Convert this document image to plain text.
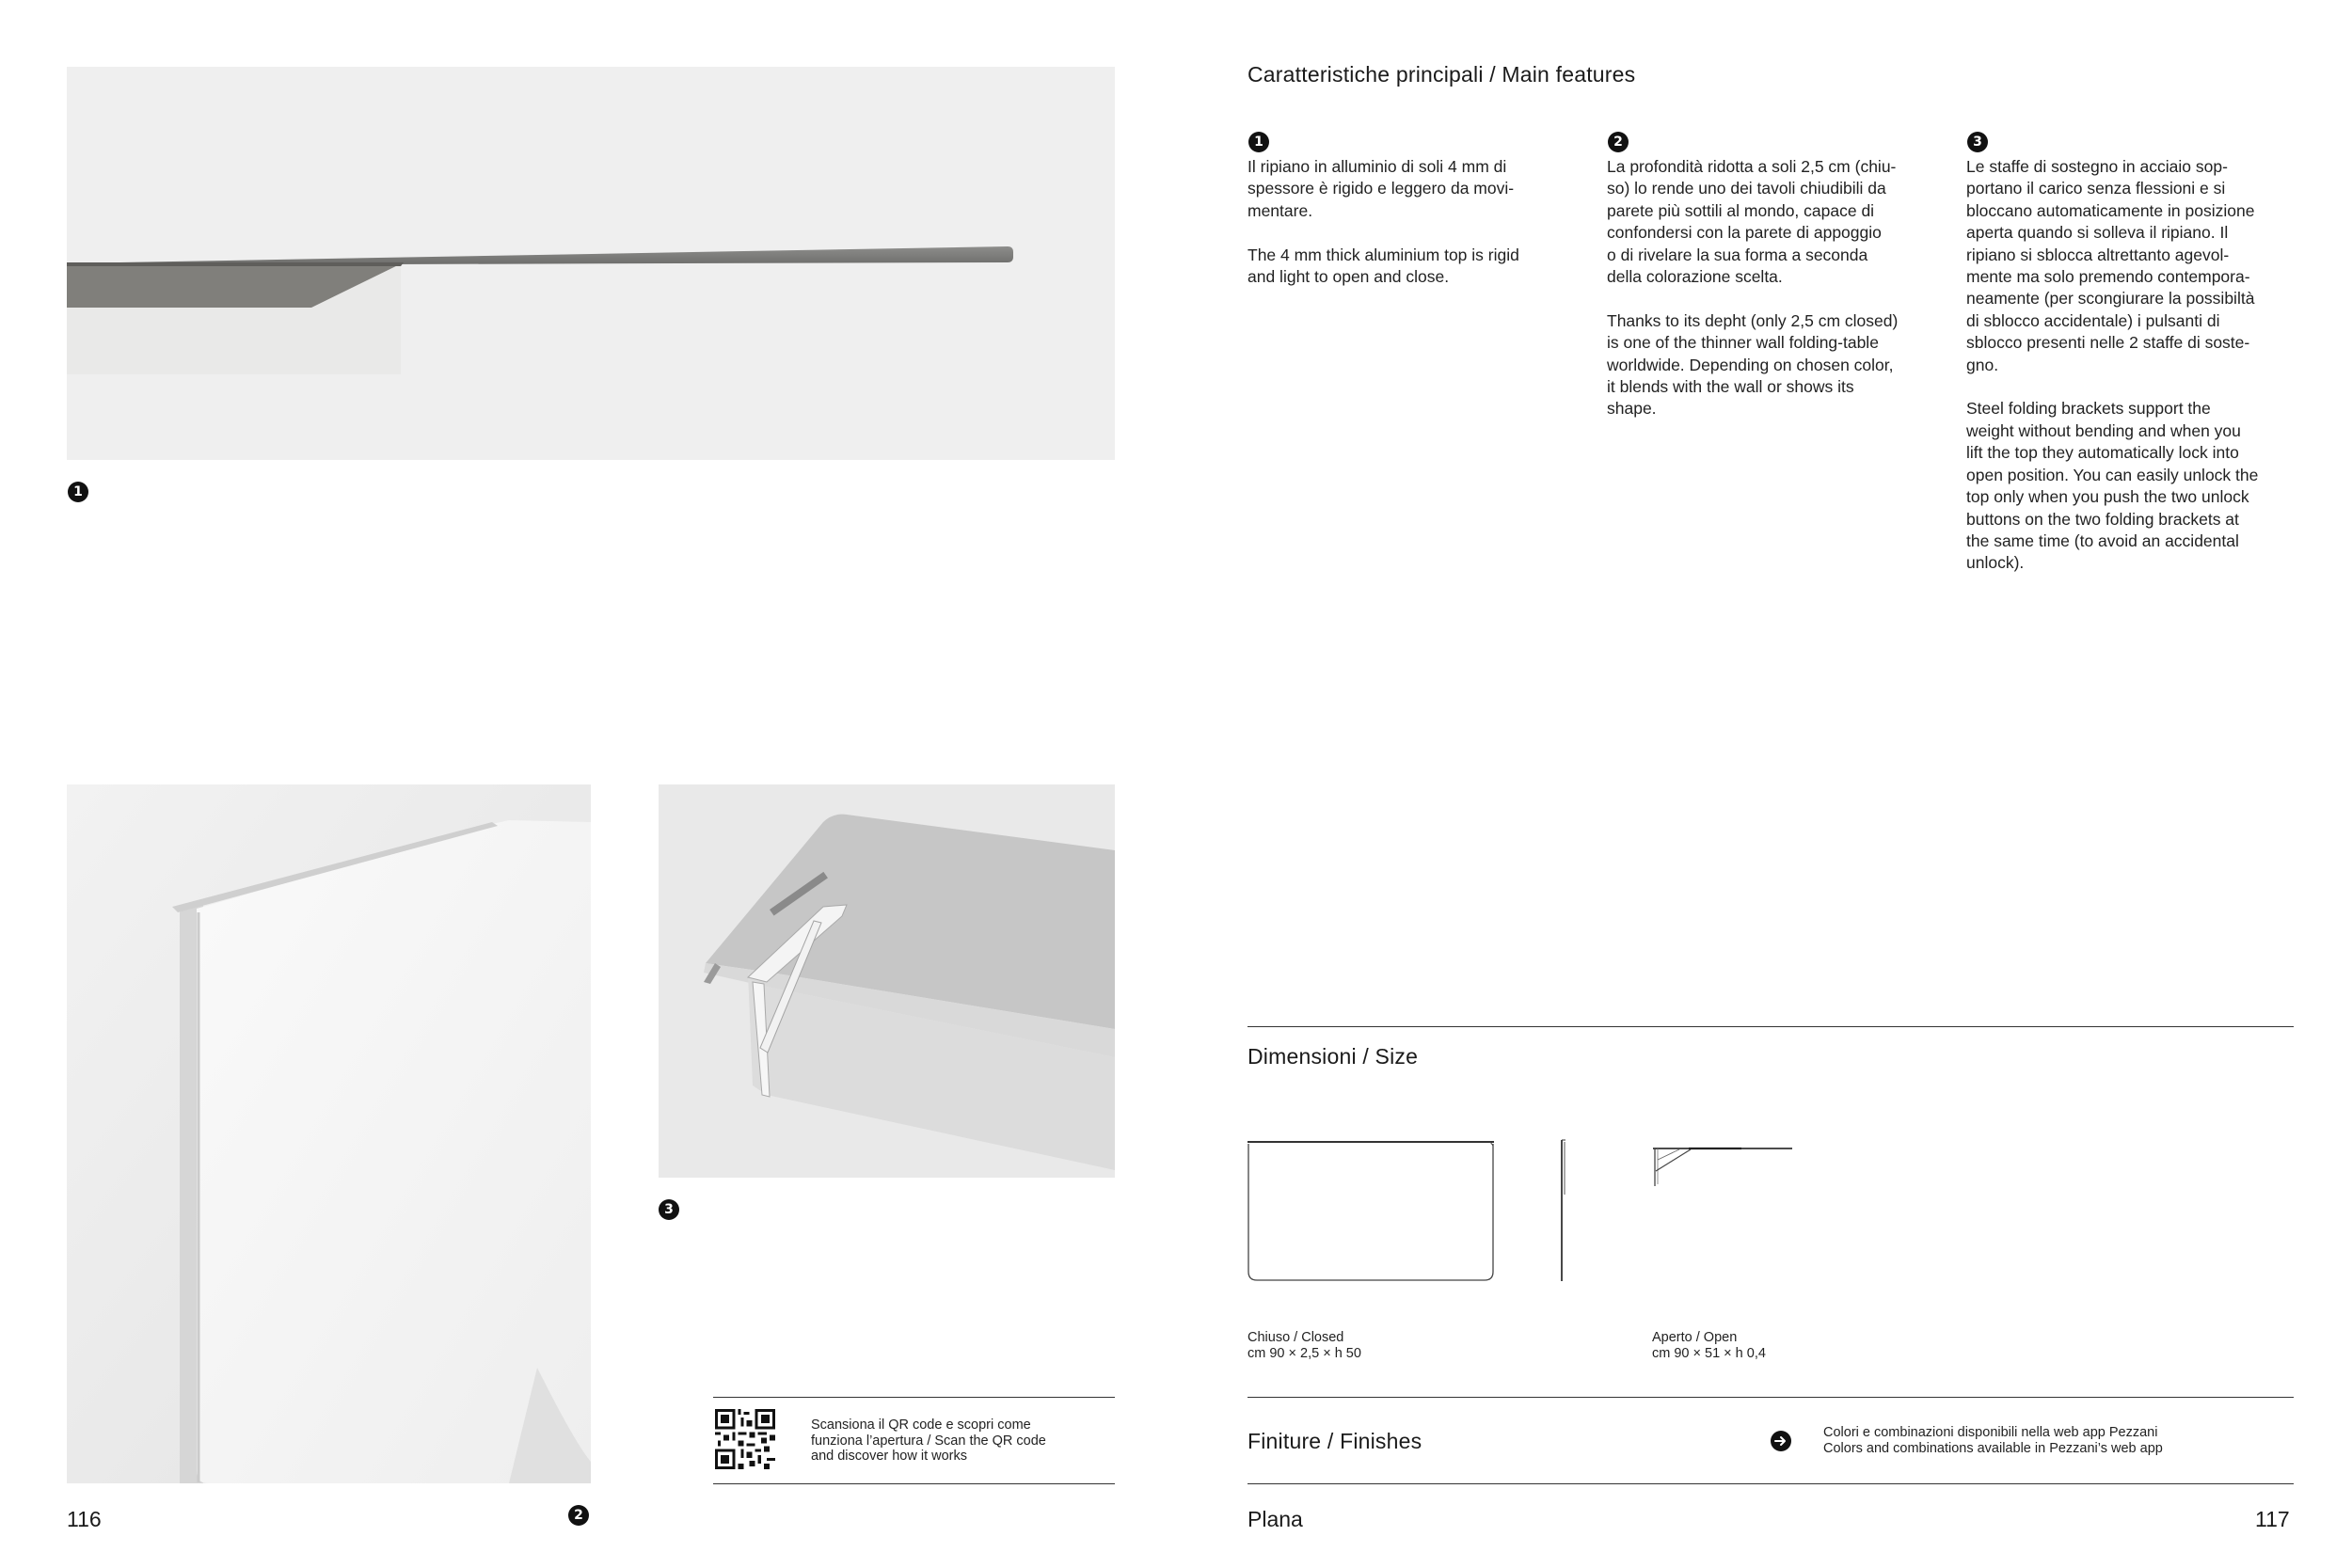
1
2
3
Scansiona il QR code e scopri come
funziona l’apertura / Scan the QR code
and discover how it works
116
Caratteristiche principali / Main features
1
Il ripiano in alluminio di soli 4 mm di
spessore è rigido e leggero da movi-
mentare.

The 4 mm thick aluminium top is rigid
and light to open and close.
2
La profondità ridotta a soli 2,5 cm (chiu-
so) lo rende uno dei tavoli chiudibili da
parete più sottili al mondo, capace di
confondersi con la parete di appoggio
o di rivelare la sua forma a seconda
della colorazione scelta.

Thanks to its depht (only 2,5 cm closed)
is one of the thinner wall folding-table
worldwide. Depending on chosen color,
it blends with the wall or shows its
shape.
3
Le staffe di sostegno in acciaio sop-
portano il carico senza flessioni e si
bloccano automaticamente in posizione
aperta quando si solleva il ripiano. Il
ripiano si sblocca altrettanto agevol-
mente ma solo premendo contempora-
neamente (per scongiurare la possibiltà
di sblocco accidentale) i pulsanti di
sblocco presenti nelle 2 staffe di soste-
gno.

Steel folding brackets support the
weight without bending and when you
lift the top they automatically lock into
open position. You can easily unlock the
top only when you push the two unlock
buttons on the two folding brackets at
the same time (to avoid an accidental
unlock).
Dimensioni / Size
Chiuso / Closed
cm 90 × 2,5 × h 50
Aperto / Open
cm 90 × 51 × h 0,4
Finiture / Finishes	Colori e combinazioni disponibili nella web app Pezzani
Colors and combinations available in Pezzani’s web app
Plana	117
